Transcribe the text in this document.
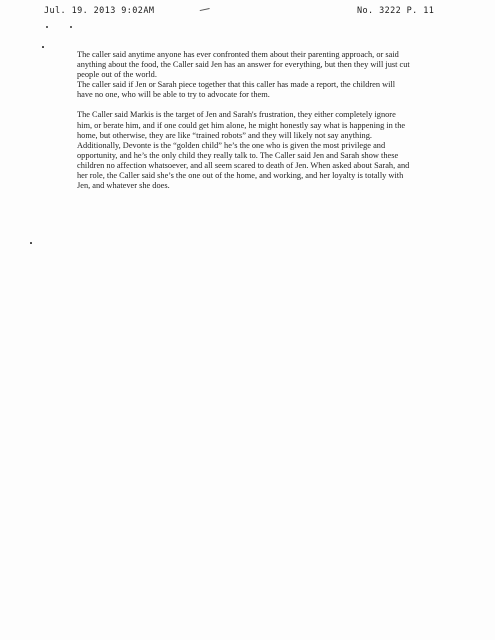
Jul. 19. 2013 9:02AM	No. 3222 P. 11

The caller said anytime anyone has ever confronted them about their parenting approach, or said anything about the food, the Caller said Jen has an answer for everything, but then they will just cut people out of the world.

The caller said if Jen or Sarah piece together that this caller has made a report, the children will have no one, who will be able to try to advocate for them.

The Caller said Markis is the target of Jen and Sarah's frustration, they either completely ignore him, or berate him, and if one could get him alone, he might honestly say what is happening in the home, but otherwise, they are like “trained robots” and they will likely not say anything. Additionally, Devonte is the “golden child” he’s the one who is given the most privilege and opportunity, and he’s the only child they really talk to. The Caller said Jen and Sarah show these children no affection whatsoever, and all seem scared to death of Jen. When asked about Sarah, and her role, the Caller said she’s the one out of the home, and working, and her loyalty is totally with Jen, and whatever she does.
